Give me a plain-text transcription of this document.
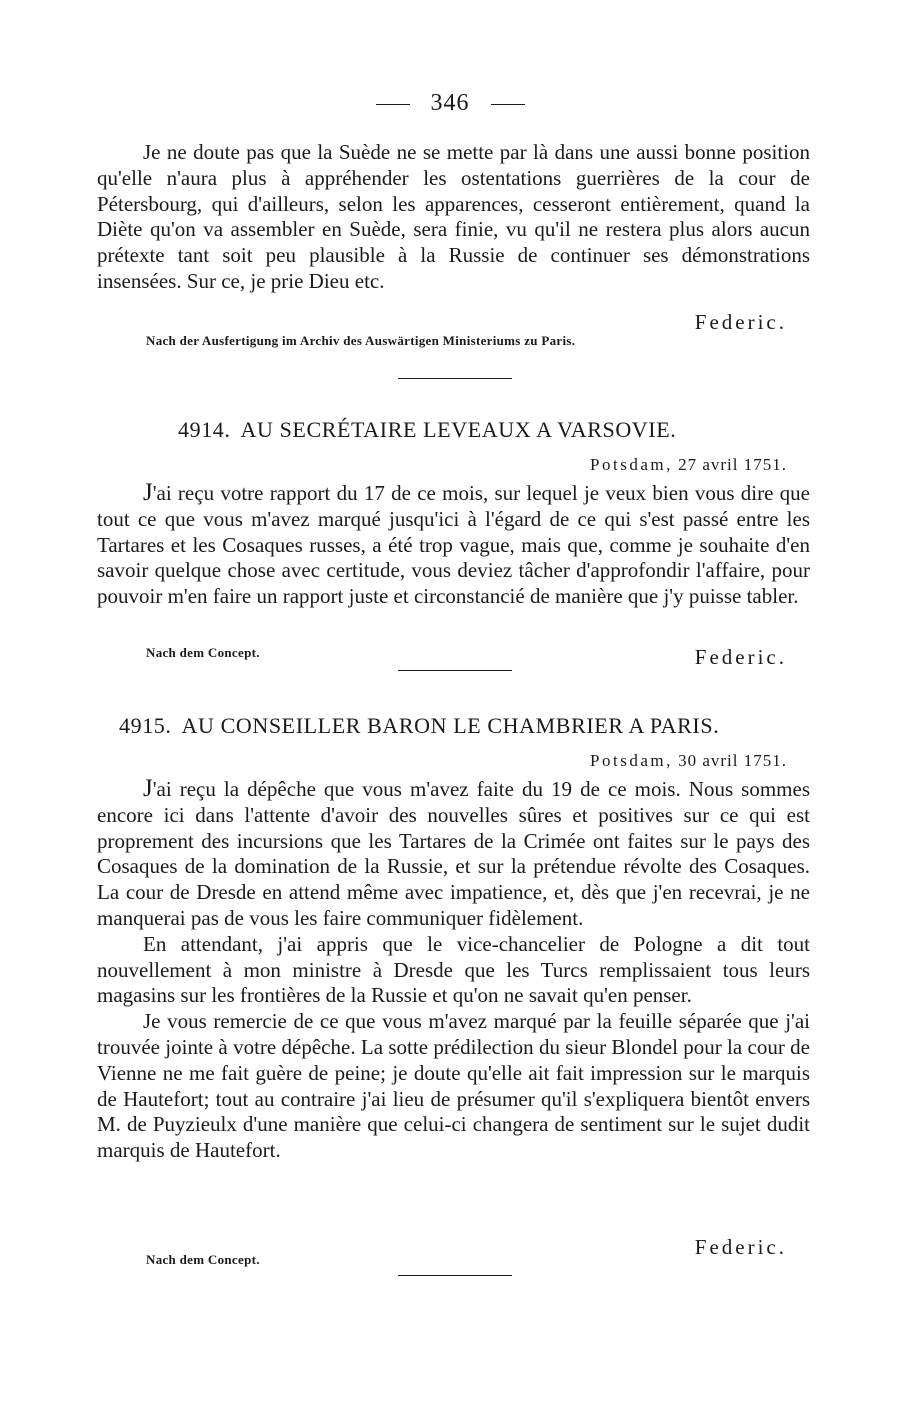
346

Je ne doute pas que la Suède ne se mette par là dans une aussi bonne position qu'elle n'aura plus à appréhender les ostentations guerrières de la cour de Pétersbourg, qui d'ailleurs, selon les apparences, cesseront entièrement, quand la Diète qu'on va assembler en Suède, sera finie, vu qu'il ne restera plus alors aucun prétexte tant soit peu plausible à la Russie de continuer ses démonstrations insensées. Sur ce, je prie Dieu etc.

Federic.
Nach der Ausfertigung im Archiv des Auswärtigen Ministeriums zu Paris.
4914. AU SECRÉTAIRE LEVEAUX A VARSOVIE.
Potsdam, 27 avril 1751.

J'ai reçu votre rapport du 17 de ce mois, sur lequel je veux bien vous dire que tout ce que vous m'avez marqué jusqu'ici à l'égard de ce qui s'est passé entre les Tartares et les Cosaques russes, a été trop vague, mais que, comme je souhaite d'en savoir quelque chose avec certitude, vous deviez tâcher d'approfondir l'affaire, pour pouvoir m'en faire un rapport juste et circonstancié de manière que j'y puisse tabler.

Nach dem Concept.	Federic.
4915. AU CONSEILLER BARON LE CHAMBRIER A PARIS.
Potsdam, 30 avril 1751.

J'ai reçu la dépêche que vous m'avez faite du 19 de ce mois. Nous sommes encore ici dans l'attente d'avoir des nouvelles sûres et positives sur ce qui est proprement des incursions que les Tartares de la Crimée ont faites sur le pays des Cosaques de la domination de la Russie, et sur la prétendue révolte des Cosaques. La cour de Dresde en attend même avec impatience, et, dès que j'en recevrai, je ne manquerai pas de vous les faire communiquer fidèlement.

En attendant, j'ai appris que le vice-chancelier de Pologne a dit tout nouvellement à mon ministre à Dresde que les Turcs remplissaient tous leurs magasins sur les frontières de la Russie et qu'on ne savait qu'en penser.

Je vous remercie de ce que vous m'avez marqué par la feuille séparée que j'ai trouvée jointe à votre dépêche. La sotte prédilection du sieur Blondel pour la cour de Vienne ne me fait guère de peine; je doute qu'elle ait fait impression sur le marquis de Hautefort; tout au contraire j'ai lieu de présumer qu'il s'expliquera bientôt envers M. de Puyzieulx d'une manière que celui-ci changera de sentiment sur le sujet dudit marquis de Hautefort.

Federic.
Nach dem Concept.
